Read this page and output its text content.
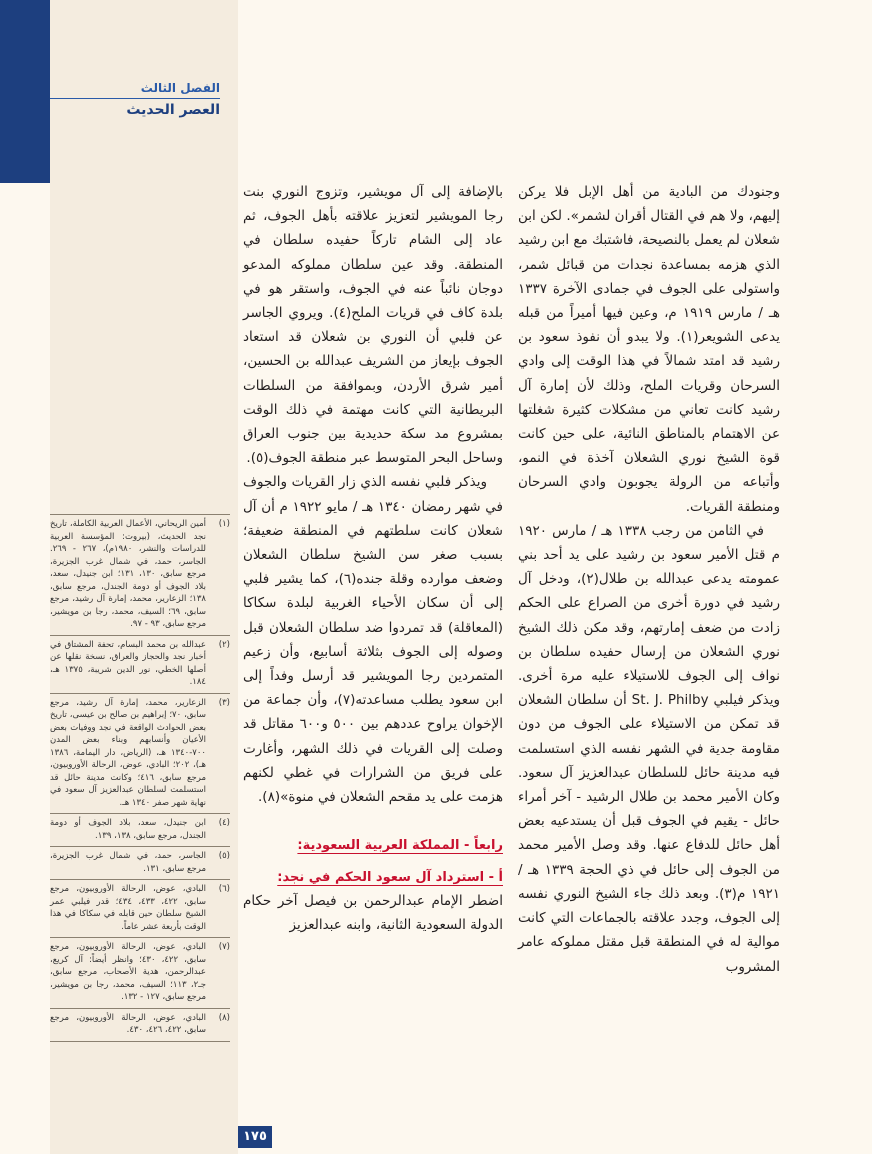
الفصل الثالث
العصر الحديث

وجنودك من البادية من أهل الإبل فلا يركن إليهم، ولا هم في القتال أقران لشمر». لكن ابن شعلان لم يعمل بالنصيحة، فاشتبك مع ابن رشيد الذي هزمه بمساعدة نجدات من قبائل شمر، واستولى على الجوف في جمادى الآخرة ١٣٣٧ هـ / مارس ١٩١٩ م، وعين فيها أميراً من قبله يدعى الشويعر(١). ولا يبدو أن نفوذ سعود بن رشيد قد امتد شمالاً في هذا الوقت إلى وادي السرحان وقريات الملح، وذلك لأن إمارة آل رشيد كانت تعاني من مشكلات كثيرة شغلتها عن الاهتمام بالمناطق النائية، على حين كانت قوة الشيخ نوري الشعلان آخذة في النمو، وأتباعه من الرولة يجوبون وادي السرحان ومنطقة القريات.

في الثامن من رجب ١٣٣٨ هـ / مارس ١٩٢٠ م قتل الأمير سعود بن رشيد على يد أحد بني عمومته يدعى عبدالله بن طلال(٢)، ودخل آل رشيد في دورة أخرى من الصراع على الحكم زادت من ضعف إمارتهم، وقد مكن ذلك الشيخ نوري الشعلان من إرسال حفيده سلطان بن نواف إلى الجوف للاستيلاء عليه مرة أخرى. ويذكر فيلبي St. J. Philby أن سلطان الشعلان قد تمكن من الاستيلاء على الجوف من دون مقاومة جدية في الشهر نفسه الذي استسلمت فيه مدينة حائل للسلطان عبدالعزيز آل سعود. وكان الأمير محمد بن طلال الرشيد - آخر أمراء حائل - يقيم في الجوف قبل أن يستدعيه بعض أهل حائل للدفاع عنها. وقد وصل الأمير محمد من الجوف إلى حائل في ذي الحجة ١٣٣٩ هـ / ١٩٢١ م(٣). وبعد ذلك جاء الشيخ النوري نفسه إلى الجوف، وجدد علاقته بالجماعات التي كانت موالية له في المنطقة قبل مقتل مملوكه عامر المشروب

بالإضافة إلى آل مويشير، وتزوج النوري بنت رجا المويشير لتعزيز علاقته بأهل الجوف، ثم عاد إلى الشام تاركاً حفيده سلطان في المنطقة. وقد عين سلطان مملوكه المدعو دوجان نائباً عنه في الجوف، واستقر هو في بلدة كاف في قريات الملح(٤). ويروي الجاسر عن فلبي أن النوري بن شعلان قد استعاد الجوف بإيعاز من الشريف عبدالله بن الحسين، أمير شرق الأردن، وبموافقة من السلطات البريطانية التي كانت مهتمة في ذلك الوقت بمشروع مد سكة حديدية بين جنوب العراق وساحل البحر المتوسط عبر منطقة الجوف(٥).

ويذكر فلبي نفسه الذي زار القريات والجوف في شهر رمضان ١٣٤٠ هـ / مايو ١٩٢٢ م أن آل شعلان كانت سلطتهم في المنطقة ضعيفة؛ بسبب صغر سن الشيخ سلطان الشعلان وضعف موارده وقلة جنده(٦)، كما يشير فلبي إلى أن سكان الأحياء الغربية لبلدة سكاكا (المعاقلة) قد تمردوا ضد سلطان الشعلان قبل وصوله إلى الجوف بثلاثة أسابيع، وأن زعيم المتمردين رجا المويشير قد أرسل وفداً إلى ابن سعود يطلب مساعدته(٧)، وأن جماعة من الإخوان يراوح عددهم بين ٥٠٠ و٦٠٠ مقاتل قد وصلت إلى القريات في ذلك الشهر، وأغارت على فريق من الشرارات في غطي لكنهم هزمت على يد مقحم الشعلان في منوة»(٨).

رابعاً - المملكة العربية السعودية:
أ - استرداد آل سعود الحكم في نجد:

اضطر الإمام عبدالرحمن بن فيصل آخر حكام الدولة السعودية الثانية، وابنه عبدالعزيز

(١)
أمين الريحاني، الأعمال العربية الكاملة، تاريخ نجد الحديث، (بيروت: المؤسسة العربية للدراسات والنشر، ١٩٨٠م)، ٢٦٧ - ٢٦٩. الجاسر، حمد، في شمال غرب الجزيرة، مرجع سابق، ١٣٠، ١٣١؛ ابن جنيدل، سعد، بلاد الجوف أو دومة الجندل، مرجع سابق، ١٣٨؛ الزعارير، محمد، إمارة آل رشيد، مرجع سابق، ٦٩؛ السيف، محمد، رجا بن مويشير، مرجع سابق، ٩٣ - ٩٧.
(٢)
عبدالله بن محمد البسام، تحفة المشتاق في أخبار نجد والحجاز والعراق، نسخة نقلها عن أصلها الخطي، نور الدين شريبة، ١٣٧٥ هـ، ١٨٤.
(٣)
الزعارير، محمد، إمارة آل رشيد، مرجع سابق، ٧٠؛ إبراهيم بن صالح بن عيسى، تاريخ بعض الحوادث الواقعة في نجد ووفيات بعض الأعيان وأنسابهم وبناء بعض المدن ٧٠٠-١٣٤٠ هـ، (الرياض، دار اليمامة، ١٣٨٦ هـ)، ٢٠٢؛ البادي، عوض، الرحالة الأوروبيون، مرجع سابق، ٤١٦؛ وكانت مدينة حائل قد استسلمت لسلطان عبدالعزيز آل سعود في نهاية شهر صفر ١٣٤٠ هـ.
(٤)
ابن جنيدل، سعد، بلاد الجوف أو دومة الجندل، مرجع سابق، ١٣٨، ١٣٩.
(٥)
الجاسر، حمد، في شمال غرب الجزيرة، مرجع سابق، ١٣١.
(٦)
البادي، عوض، الرحالة الأوروبيون، مرجع سابق، ٤٢٢، ٤٣٣، ٤٣٤؛ قدر فيلبي عمر الشيخ سلطان حين قابله في سكاكا في هذا الوقت بأربعة عشر عاماً.
(٧)
البادي، عوض، الرحالة الأوروبيون، مرجع سابق، ٤٢٢، ٤٣٠؛ وانظر أيضاً: آل كريع، عبدالرحمن، هدية الأصحاب، مرجع سابق، جـ٢، ١١٣؛ السيف، محمد، رجا بن مويشير، مرجع سابق، ١٢٧ - ١٣٢.
(٨)
البادي، عوض، الرحالة الأوروبيون، مرجع سابق، ٤٢٢، ٤٢٦، ٤٣٠.
١٧٥
